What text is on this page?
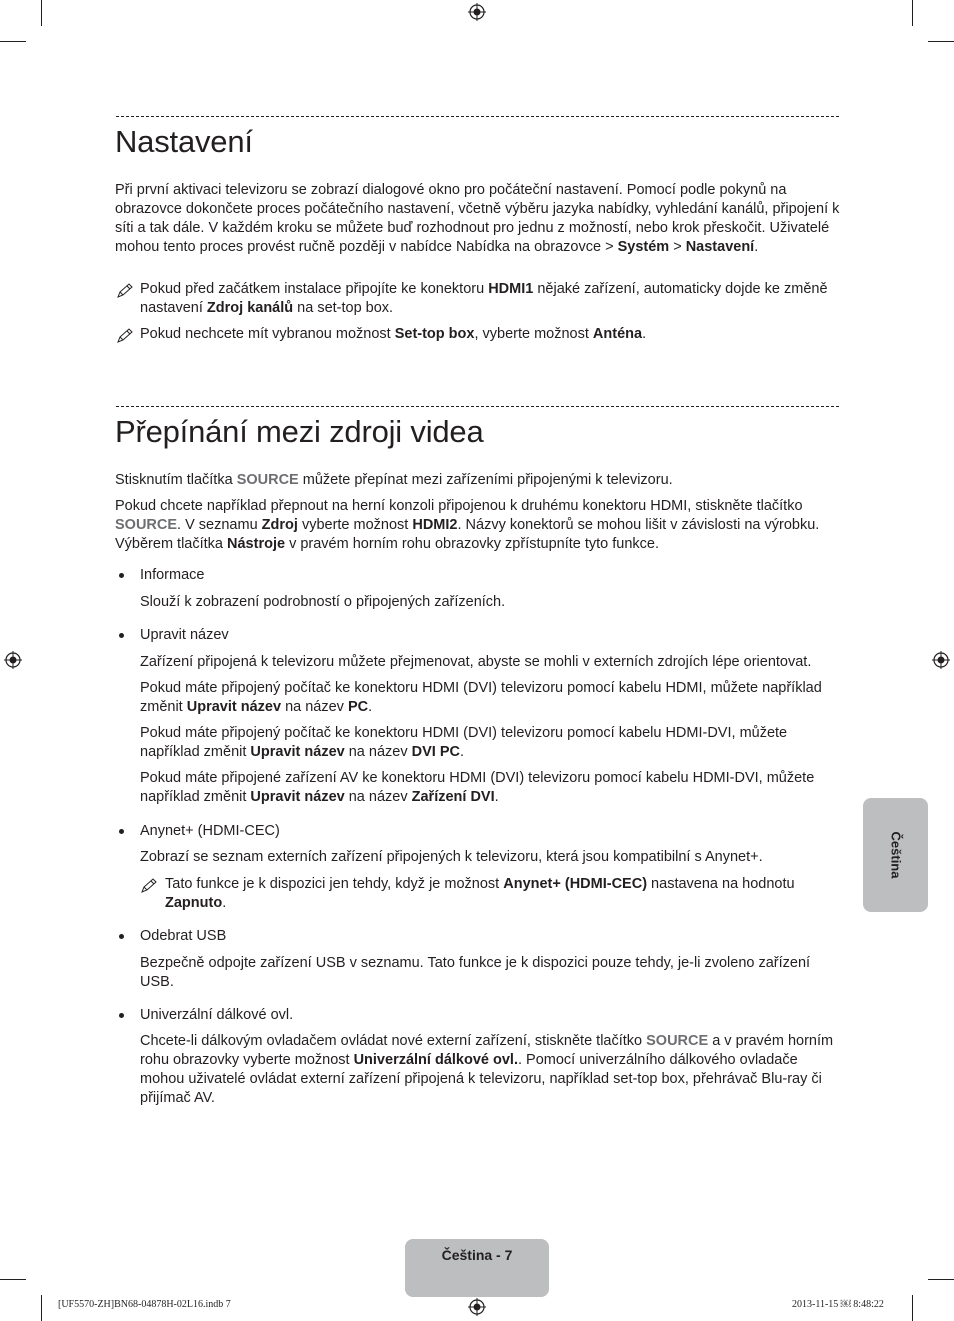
Nastavení

Při první aktivaci televizoru se zobrazí dialogové okno pro počáteční nastavení. Pomocí podle pokynů na obrazovce dokončete proces počátečního nastavení, včetně výběru jazyka nabídky, vyhledání kanálů, připojení k síti a tak dále. V každém kroku se můžete buď rozhodnout pro jednu z možností, nebo krok přeskočit. Uživatelé mohou tento proces provést ručně později v nabídce Nabídka na obrazovce > Systém > Nastavení.

Pokud před začátkem instalace připojíte ke konektoru HDMI1 nějaké zařízení, automaticky dojde ke změně nastavení Zdroj kanálů na set-top box.

Pokud nechcete mít vybranou možnost Set-top box, vyberte možnost Anténa.

Přepínání mezi zdroji videa

Stisknutím tlačítka SOURCE můžete přepínat mezi zařízeními připojenými k televizoru.

Pokud chcete například přepnout na herní konzoli připojenou k druhému konektoru HDMI, stiskněte tlačítko SOURCE. V seznamu Zdroj vyberte možnost HDMI2. Názvy konektorů se mohou lišit v závislosti na výrobku. Výběrem tlačítka Nástroje v pravém horním rohu obrazovky zpřístupníte tyto funkce.

Informace

Slouží k zobrazení podrobností o připojených zařízeních.

Upravit název

Zařízení připojená k televizoru můžete přejmenovat, abyste se mohli v externích zdrojích lépe orientovat.

Pokud máte připojený počítač ke konektoru HDMI (DVI) televizoru pomocí kabelu HDMI, můžete například změnit Upravit název na název PC.

Pokud máte připojený počítač ke konektoru HDMI (DVI) televizoru pomocí kabelu HDMI-DVI, můžete například změnit Upravit název na název DVI PC.

Pokud máte připojené zařízení AV ke konektoru HDMI (DVI) televizoru pomocí kabelu HDMI-DVI, můžete například změnit Upravit název na název Zařízení DVI.

Anynet+ (HDMI-CEC)

Zobrazí se seznam externích zařízení připojených k televizoru, která jsou kompatibilní s Anynet+.

Tato funkce je k dispozici jen tehdy, když je možnost Anynet+ (HDMI-CEC) nastavena na hodnotu Zapnuto.

Odebrat USB

Bezpečně odpojte zařízení USB v seznamu. Tato funkce je k dispozici pouze tehdy, je-li zvoleno zařízení USB.

Univerzální dálkové ovl.

Chcete-li dálkovým ovladačem ovládat nové externí zařízení, stiskněte tlačítko SOURCE a v pravém horním rohu obrazovky vyberte možnost Univerzální dálkové ovl.. Pomocí univerzálního dálkového ovladače mohou uživatelé ovládat externí zařízení připojená k televizoru, například set-top box, přehrávač Blu-ray či přijímač AV.

Čeština
Čeština - 7
[UF5570-ZH]BN68-04878H-02L16.indb 7	2013-11-15 ￼ 8:48:22
